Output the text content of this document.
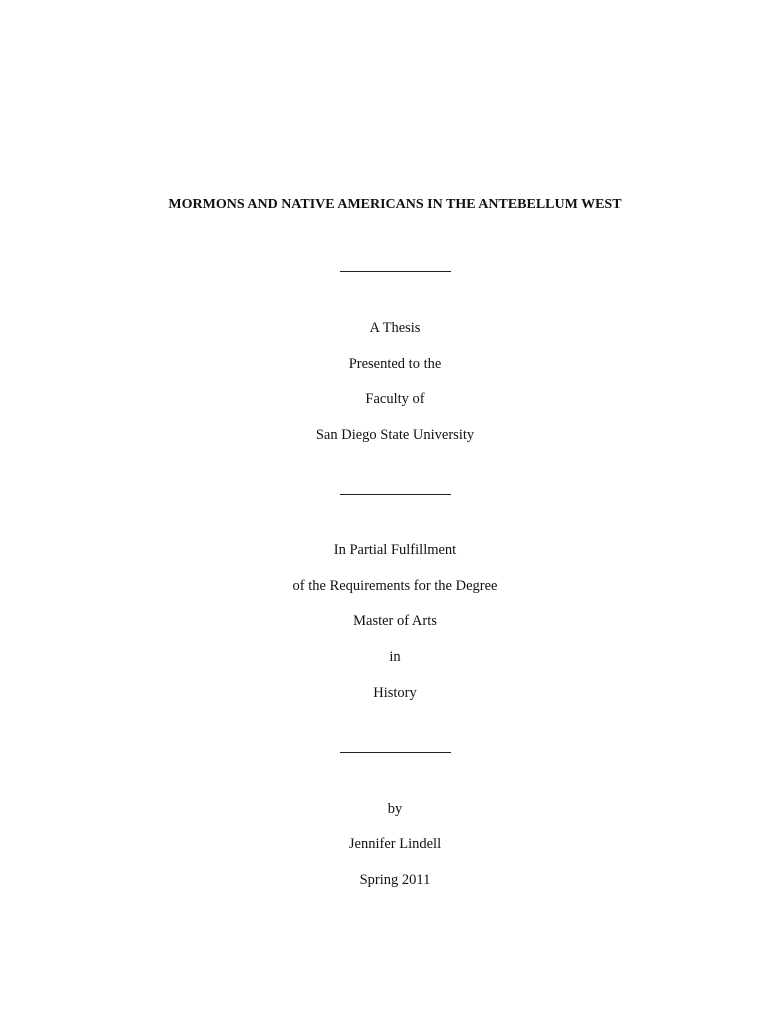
MORMONS AND NATIVE AMERICANS IN THE ANTEBELLUM WEST
A Thesis
Presented to the
Faculty of
San Diego State University
In Partial Fulfillment
of the Requirements for the Degree
Master of Arts
in
History
by
Jennifer Lindell
Spring 2011
